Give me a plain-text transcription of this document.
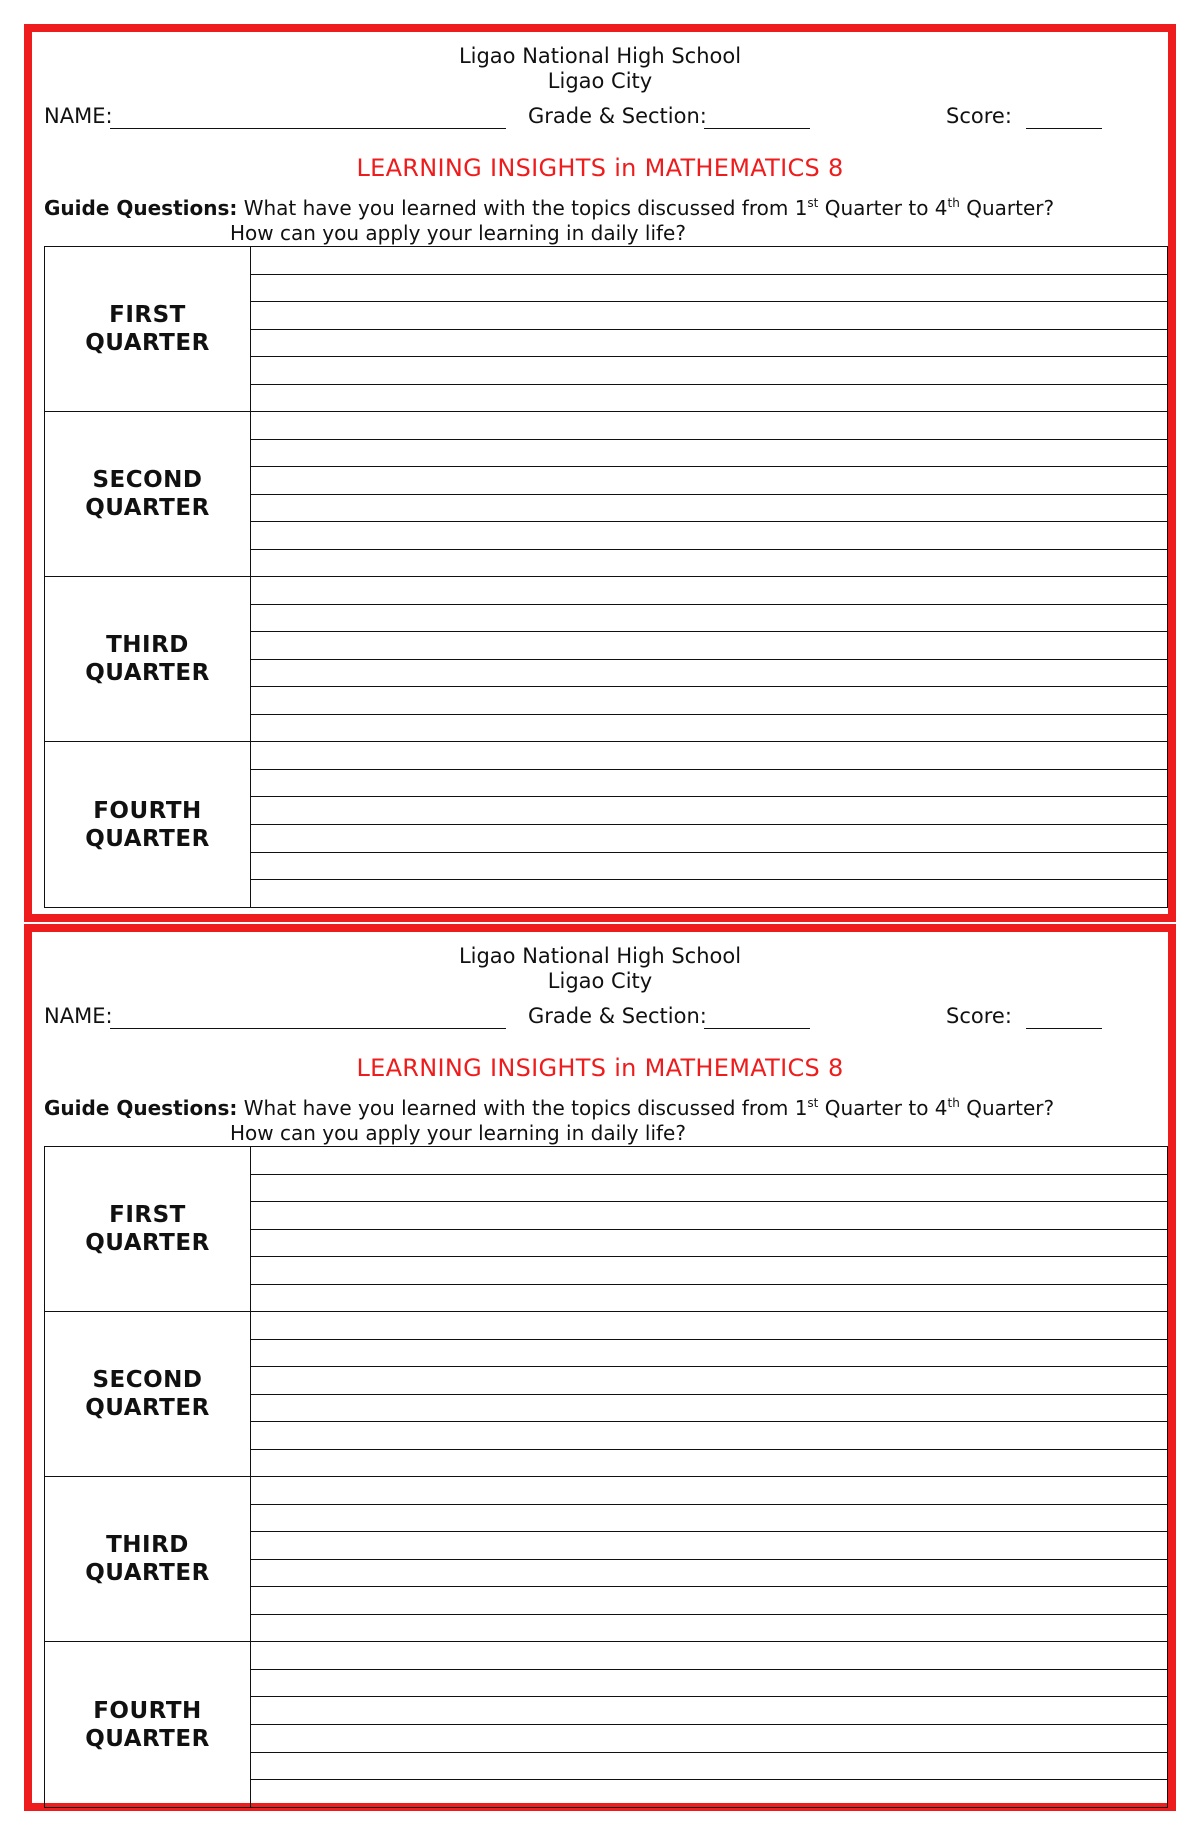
Ligao National High School
Ligao City
NAME:	Grade & Section:	Score:
LEARNING INSIGHTS in MATHEMATICS 8
Guide Questions: What have you learned with the topics discussed from 1st Quarter to 4th Quarter?
How can you apply your learning in daily life?
FIRST
QUARTER
SECOND
QUARTER
THIRD
QUARTER
FOURTH
QUARTER
Ligao National High School
Ligao City
NAME:	Grade & Section:	Score:
LEARNING INSIGHTS in MATHEMATICS 8
Guide Questions: What have you learned with the topics discussed from 1st Quarter to 4th Quarter?
How can you apply your learning in daily life?
FIRST
QUARTER
SECOND
QUARTER
THIRD
QUARTER
FOURTH
QUARTER
